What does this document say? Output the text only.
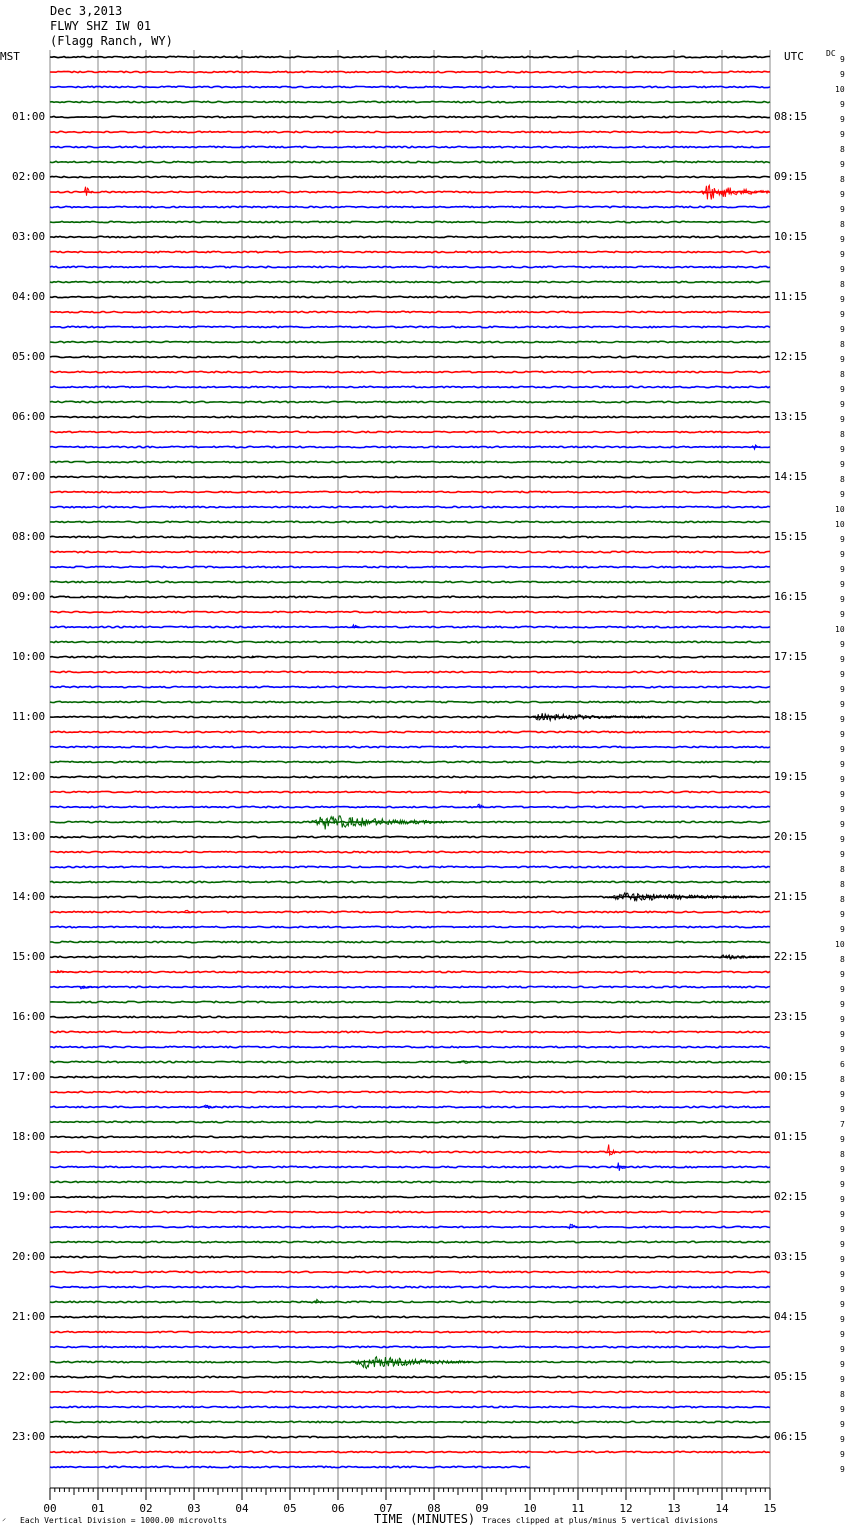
00	01	02	03	04	05	06	07	08	09	10	11	12	13	14	15
Dec 3,2013
FLWY SHZ IW 01
(Flagg Ranch, WY)
MST	UTC	DC
01:00
02:00
03:00
04:00
05:00
06:00
07:00
08:00
09:00
10:00
11:00
12:00
13:00
14:00
15:00
16:00
17:00
18:00
19:00
20:00
21:00
22:00
23:00
08:15
09:15
10:15
11:15
12:15
13:15
14:15
15:15
16:15
17:15
18:15
19:15
20:15
21:15
22:15
23:15
00:15
01:15
02:15
03:15
04:15
05:15
06:15
9
9
10
9
9
9
8
9
8
9
9
8
9
9
9
8
9
9
9
8
9
8
9
9
9
8
9
9
8
9
10
10
9
9
9
9
9
9
10
9
9
9
9
9
9
9
9
9
9
9
9
9
9
9
8
8
8
9
9
10
8
9
9
9
9
9
9
6
8
9
9
7
9
8
9
9
9
9
9
9
9
9
9
9
9
9
9
9
9
8
9
9
9
9
9
⸍ Each Vertical Division = 1000.00 microvolts	TIME (MINUTES) Traces clipped at plus/minus 5 vertical divisions
